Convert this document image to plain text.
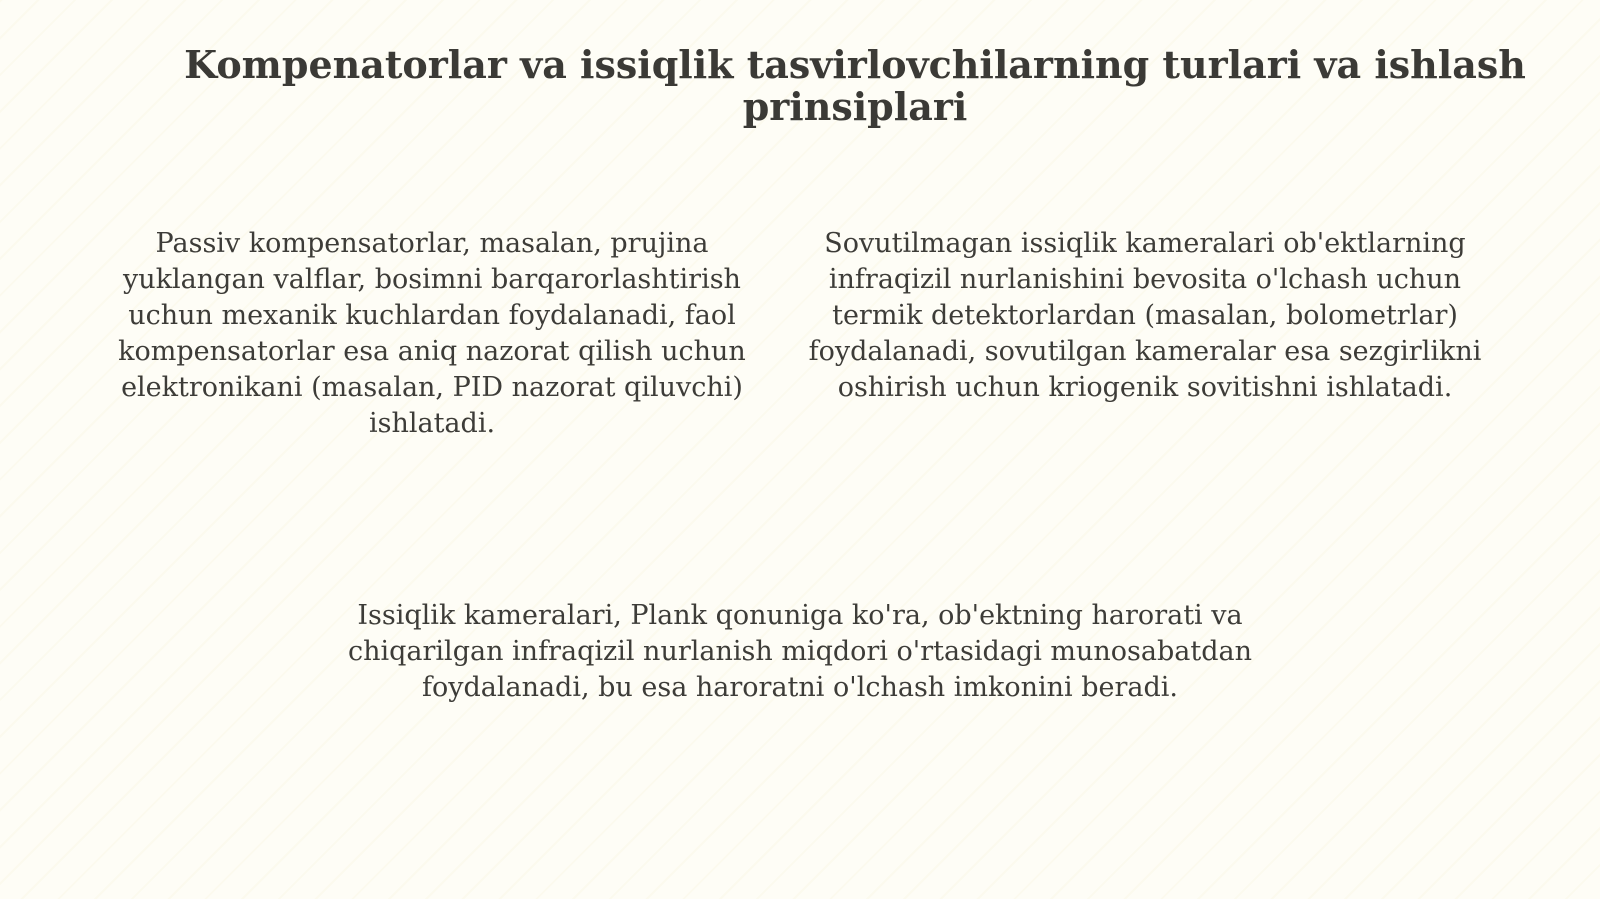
Kompenatorlar va issiqlik tasvirlovchilarning turlari va ishlash prinsiplari

Passiv kompensatorlar, masalan, prujina yuklangan valflar, bosimni barqarorlashtirish uchun mexanik kuchlardan foydalanadi, faol kompensatorlar esa aniq nazorat qilish uchun elektronikani (masalan, PID nazorat qiluvchi) ishlatadi.

Sovutilmagan issiqlik kameralari ob'ektlarning infraqizil nurlanishini bevosita o'lchash uchun termik detektorlardan (masalan, bolometrlar) foydalanadi, sovutilgan kameralar esa sezgirlikni oshirish uchun kriogenik sovitishni ishlatadi.

Issiqlik kameralari, Plank qonuniga ko'ra, ob'ektning harorati va chiqarilgan infraqizil nurlanish miqdori o'rtasidagi munosabatdan foydalanadi, bu esa haroratni o'lchash imkonini beradi.
